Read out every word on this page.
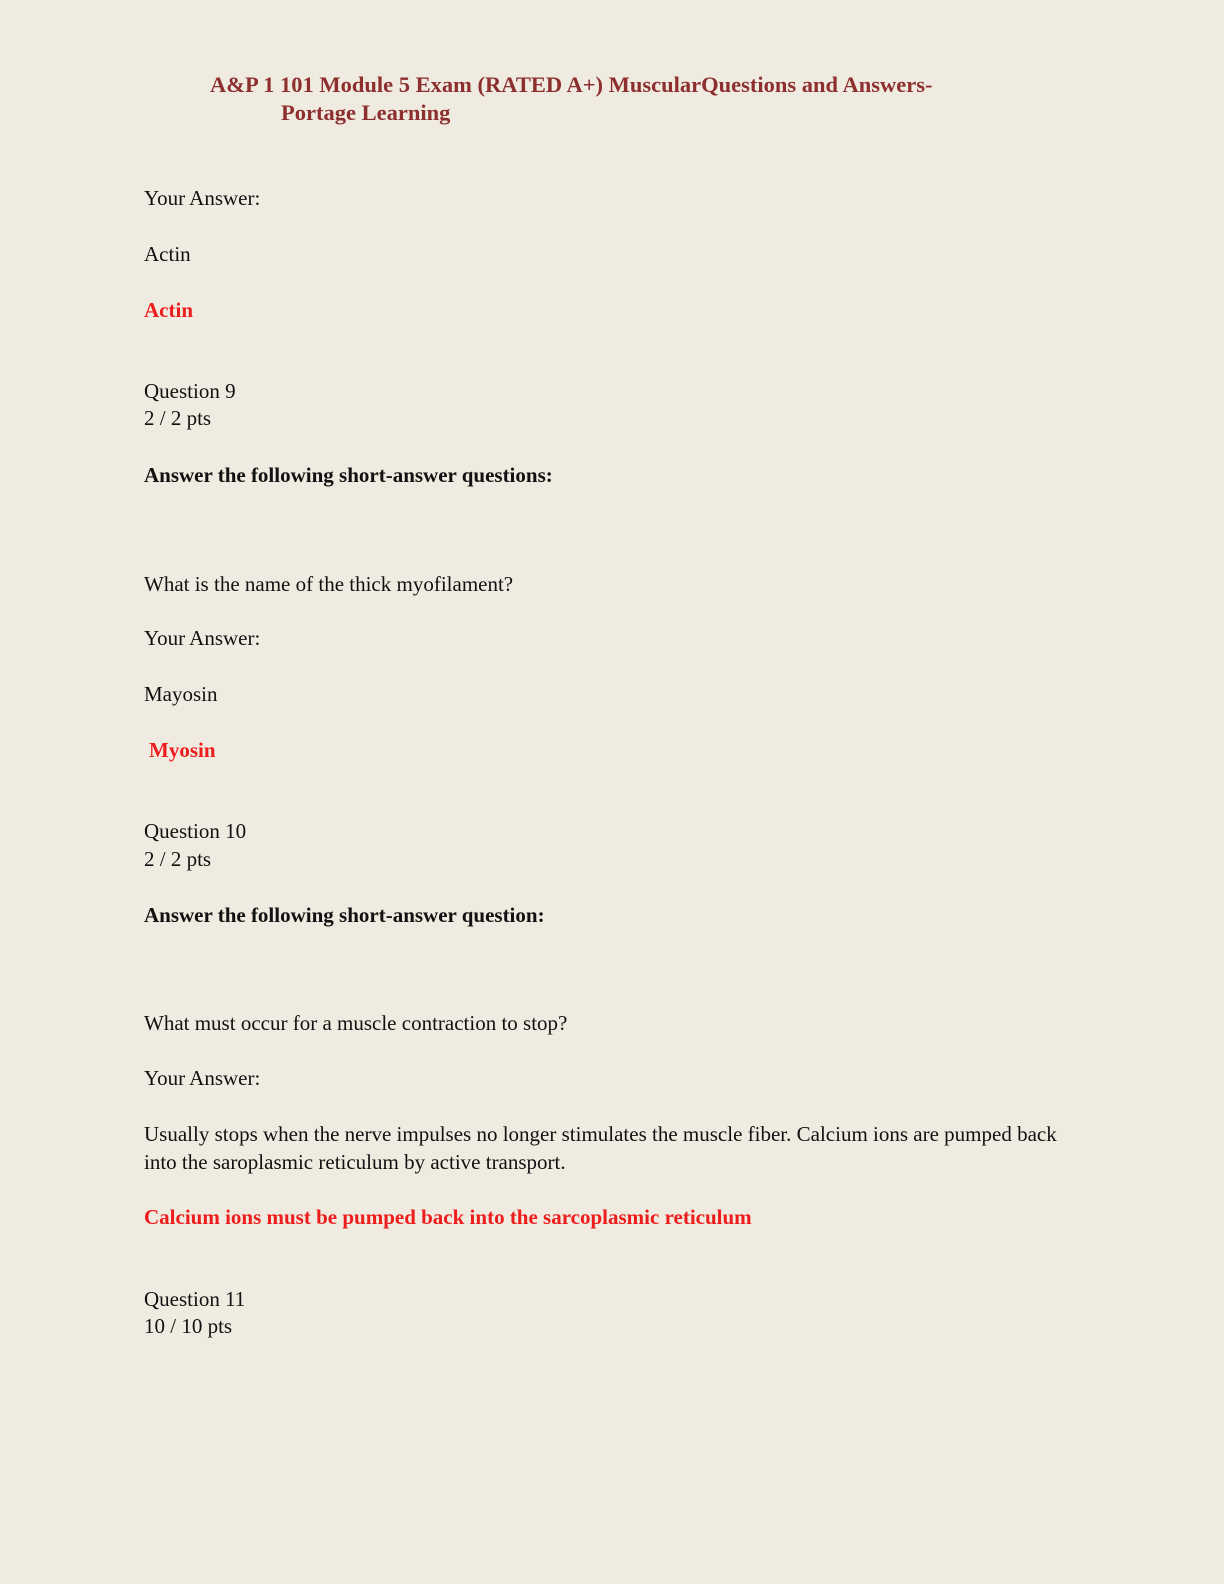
A&P 1 101 Module 5 Exam (RATED A+) MuscularQuestions and Answers-
Portage Learning

Your Answer:

Actin

Actin

Question 9

2 / 2 pts

Answer the following short-answer questions:

What is the name of the thick myofilament?

Your Answer:

Mayosin

Myosin

Question 10

2 / 2 pts

Answer the following short-answer question:

What must occur for a muscle contraction to stop?

Your Answer:

Usually stops when the nerve impulses no longer stimulates the muscle fiber. Calcium ions are pumped back into the saroplasmic reticulum by active transport.

Calcium ions must be pumped back into the sarcoplasmic reticulum

Question 11

10 / 10 pts
